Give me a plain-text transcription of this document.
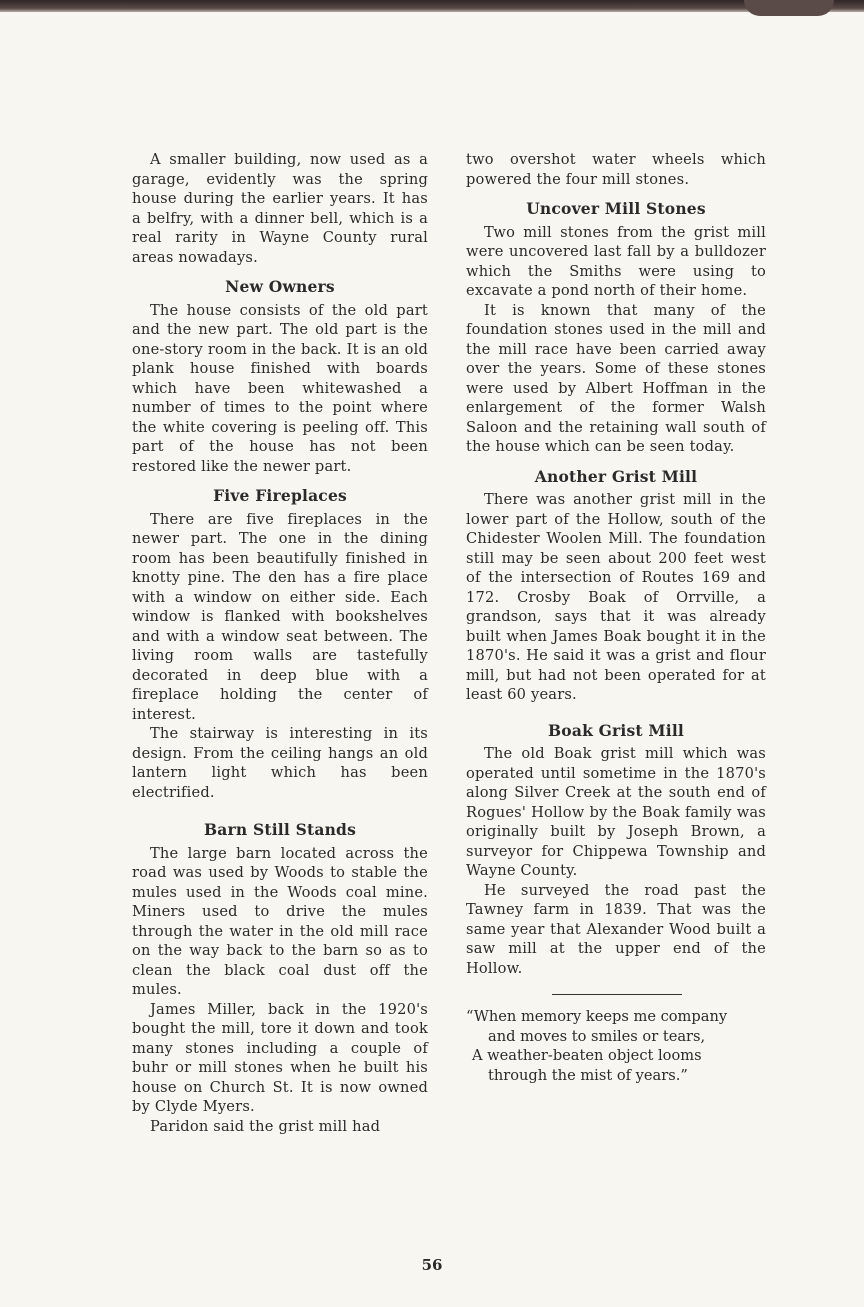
A smaller building, now used as a garage, evidently was the spring house during the earlier years. It has a belfry, with a dinner bell, which is a real rarity in Wayne County rural areas nowadays.

New Owners

The house consists of the old part and the new part. The old part is the one-story room in the back. It is an old plank house finished with boards which have been whitewashed a number of times to the point where the white covering is peeling off. This part of the house has not been restored like the newer part.

Five Fireplaces

There are five fireplaces in the newer part. The one in the dining room has been beautifully finished in knotty pine. The den has a fire place with a window on either side. Each window is flanked with bookshelves and with a window seat between. The living room walls are tastefully decorated in deep blue with a fireplace holding the center of interest.

The stairway is interesting in its design. From the ceiling hangs an old lantern light which has been electrified.

Barn Still Stands

The large barn located across the road was used by Woods to stable the mules used in the Woods coal mine. Miners used to drive the mules through the water in the old mill race on the way back to the barn so as to clean the black coal dust off the mules.

James Miller, back in the 1920's bought the mill, tore it down and took many stones including a couple of buhr or mill stones when he built his house on Church St. It is now owned by Clyde Myers.

Paridon said the grist mill had

two overshot water wheels which powered the four mill stones.

Uncover Mill Stones

Two mill stones from the grist mill were uncovered last fall by a bulldozer which the Smiths were using to excavate a pond north of their home.

It is known that many of the foundation stones used in the mill and the mill race have been carried away over the years. Some of these stones were used by Albert Hoffman in the enlargement of the former Walsh Saloon and the retaining wall south of the house which can be seen today.

Another Grist Mill

There was another grist mill in the lower part of the Hollow, south of the Chidester Woolen Mill. The foundation still may be seen about 200 feet west of the intersection of Routes 169 and 172. Crosby Boak of Orrville, a grandson, says that it was already built when James Boak bought it in the 1870's. He said it was a grist and flour mill, but had not been operated for at least 60 years.

Boak Grist Mill

The old Boak grist mill which was operated until sometime in the 1870's along Silver Creek at the south end of Rogues' Hollow by the Boak family was originally built by Joseph Brown, a surveyor for Chippewa Township and Wayne County.

He surveyed the road past the Tawney farm in 1839. That was the same year that Alexander Wood built a saw mill at the upper end of the Hollow.

“When memory keeps me company
and moves to smiles or tears,
A weather-beaten object looms
through the mist of years.”
56
